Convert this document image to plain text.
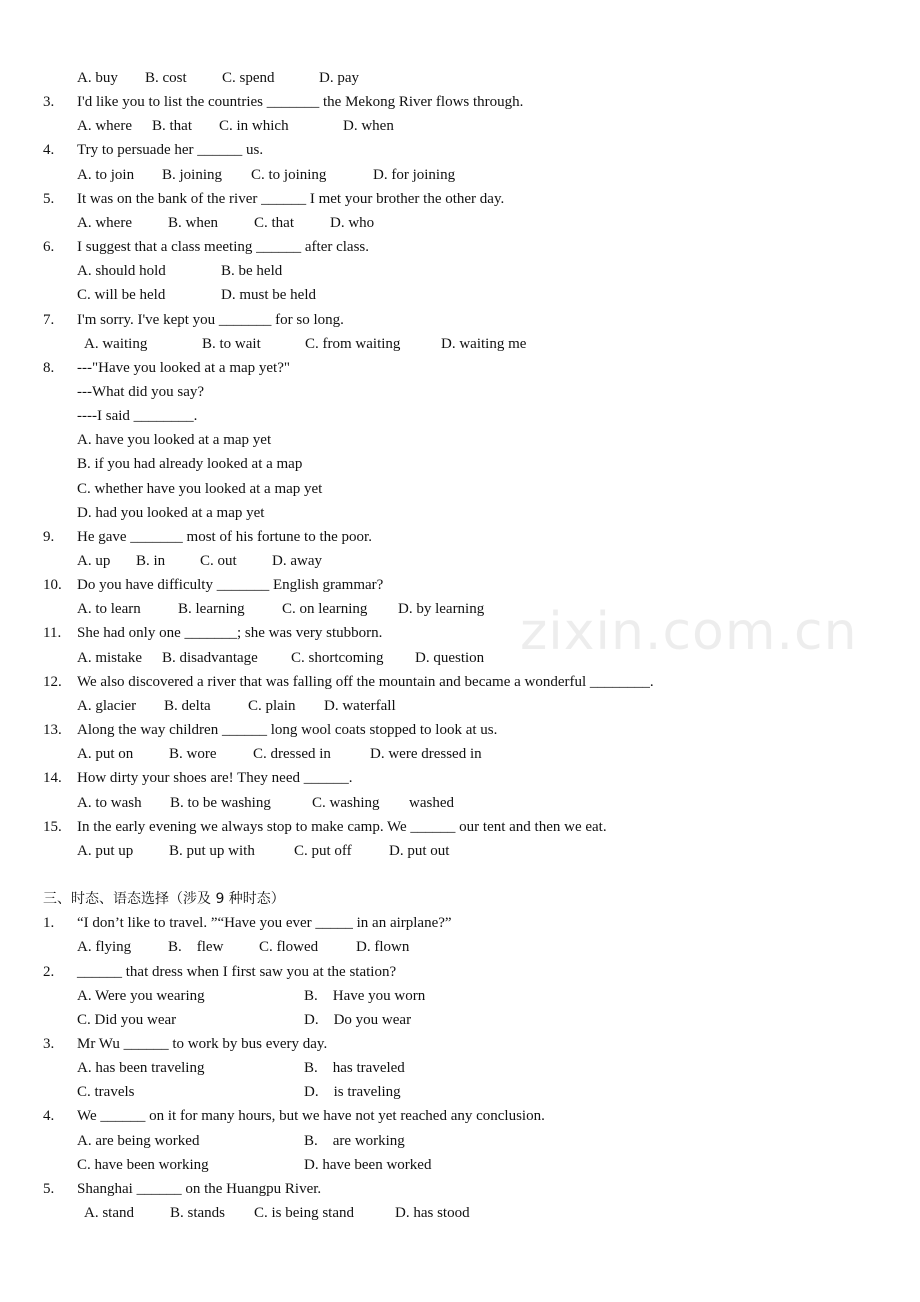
A. buy B. cost C. spend	D. pay
3. I'd like you to list the countries _______ the Mekong River flows through.
A. where B. that C. in which	D. when
4. Try to persuade her ______ us.
A. to join B. joining C. to joining	D. for joining
5. It was on the bank of the river ______ I met your brother the other day.
A. where B. when C. that D. who
6. I suggest that a class meeting ______ after class.
A. should hold	B. be held
C. will be held	D. must be held
7. I'm sorry. I've kept you _______ for so long.
A. waiting	B. to wait	C. from waiting	D. waiting me
8. ---"Have you looked at a map yet?"
---What did you say?
----I said ________.
A. have you looked at a map yet
B. if you had already looked at a map
C. whether have you looked at a map yet
D. had you looked at a map yet
9. He gave _______ most of his fortune to the poor.
A. up B. in C. out D. away
10. Do you have difficulty _______ English grammar?
A. to learn B. learning C. on learning D. by learning
11. She had only one _______; she was very stubborn.
A. mistake B. disadvantage C. shortcoming D. question
12. We also discovered a river that was falling off the mountain and became a wonderful ________.
A. glacier B. delta C. plain D. waterfall
13. Along the way children ______ long wool coats stopped to look at us.
A. put on B. wore C. dressed in	D. were dressed in
14. How dirty your shoes are! They need ______.
A. to wash B. to be washing	C. washing washed
15. In the early evening we always stop to make camp. We ______ our tent and then we eat.
A. put up B. put up with	C. put off D. put out
三、时态、语态选择（涉及 9 种时态）
1. “I don’t like to travel. ”“Have you ever _____ in an airplane?”
A. flying B.    flew C. flowed	D. flown
2. ______ that dress when I first saw you at the station?
A. Were you wearing	B.    Have you worn
C. Did you wear	D.    Do you wear
3. Mr Wu ______ to work by bus every day.
A. has been traveling	B.    has traveled
C. travels	D.    is traveling
4. We ______ on it for many hours, but we have not yet reached any conclusion.
A. are being worked	B.    are working
C. have been working	D. have been worked
5. Shanghai ______ on the Huangpu River.
A. stand B. stands C. is being stand	D. has stood
zixin.com.cn
